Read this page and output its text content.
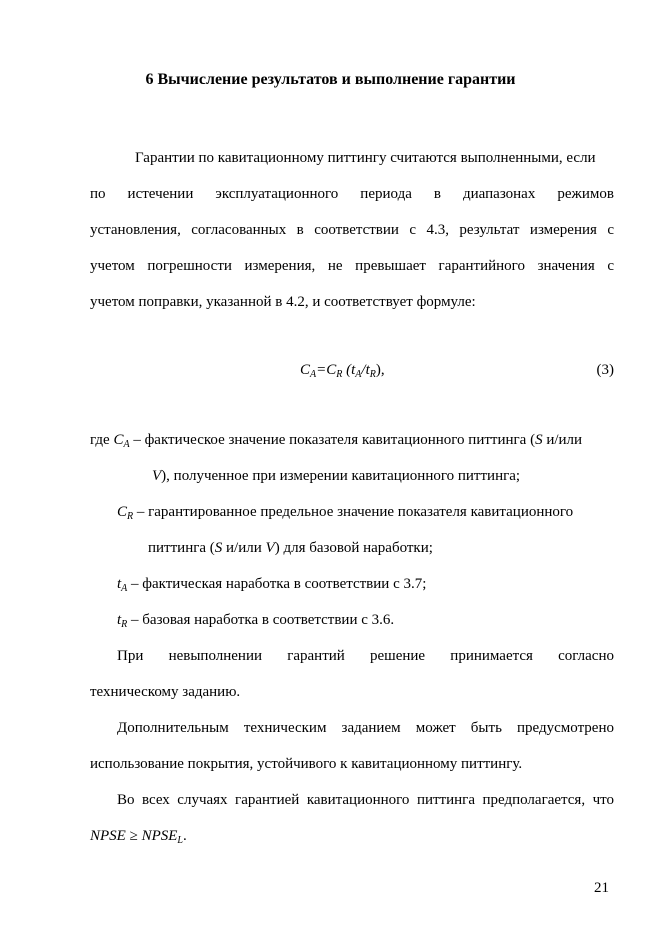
6 Вычисление результатов и выполнение гарантии
Гарантии по кавитационному питтингу считаются выполненными, если
по истечении эксплуатационного периода в диапазонах режимов
установления, согласованных в соответствии с 4.3, результат измерения с
учетом погрешности измерения, не превышает гарантийного значения с
учетом поправки, указанной в 4.2, и соответствует формуле:
$C_A=C_R$ $(t_A/t_R)$,	(3)
где $C_A$ – фактическое значение показателя кавитационного питтинга (S и/или
V), полученное при измерении кавитационного питтинга;
$C_R$ – гарантированное предельное значение показателя кавитационного
питтинга (S и/или V) для базовой наработки;
$t_A$ – фактическая наработка в соответствии с 3.7;
$t_R$ – базовая наработка в соответствии с 3.6.
При невыполнении гарантий решение принимается согласно
техническому заданию.
Дополнительным техническим заданием может быть предусмотрено
использование покрытия, устойчивого к кавитационному питтингу.
Во всех случаях гарантией кавитационного питтинга предполагается, что
NPSE ≥ $NPSE_L$.
21
